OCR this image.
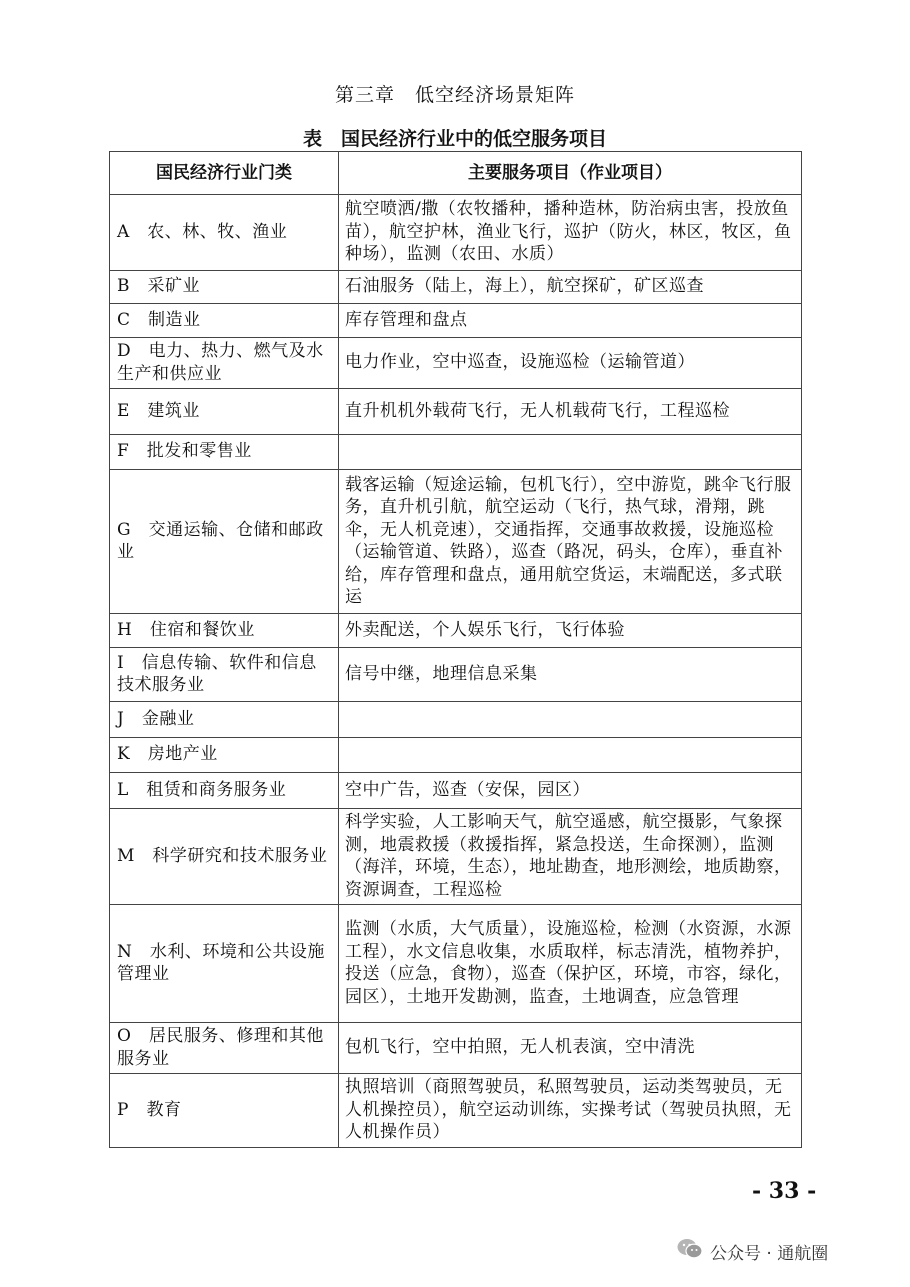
第三章　低空经济场景矩阵
表　国民经济行业中的低空服务项目
国民经济行业门类	主要服务项目（作业项目）
A　农、林、牧、渔业	航空喷洒/撒（农牧播种，播种造林，防治病虫害，投放鱼苗），航空护林，渔业飞行，巡护（防火，林区，牧区，鱼种场），监测（农田、水质）
B　采矿业	石油服务（陆上，海上），航空探矿，矿区巡查
C　制造业	库存管理和盘点
D　电力、热力、燃气及水生产和供应业	电力作业，空中巡查，设施巡检（运输管道）
E　建筑业	直升机机外载荷飞行，无人机载荷飞行，工程巡检
F　批发和零售业	
G　交通运输、仓储和邮政业	载客运输（短途运输，包机飞行），空中游览，跳伞飞行服务，直升机引航，航空运动（飞行，热气球，滑翔，跳伞，无人机竞速），交通指挥，交通事故救援，设施巡检（运输管道、铁路），巡查（路况，码头，仓库），垂直补给，库存管理和盘点，通用航空货运，末端配送，多式联运
H　住宿和餐饮业	外卖配送，个人娱乐飞行，飞行体验
I　信息传输、软件和信息技术服务业	信号中继，地理信息采集
J　金融业	
K　房地产业	
L　租赁和商务服务业	空中广告，巡查（安保，园区）
M　科学研究和技术服务业	科学实验，人工影响天气，航空遥感，航空摄影，气象探测，地震救援（救援指挥，紧急投送，生命探测），监测（海洋，环境，生态），地址勘查，地形测绘，地质勘察，资源调查，工程巡检
N　水利、环境和公共设施管理业	监测（水质，大气质量），设施巡检，检测（水资源，水源工程），水文信息收集，水质取样，标志清洗，植物养护，投送（应急，食物），巡查（保护区，环境，市容，绿化，园区），土地开发勘测，监查，土地调查，应急管理
O　居民服务、修理和其他服务业	包机飞行，空中拍照，无人机表演，空中清洗
P　教育	执照培训（商照驾驶员，私照驾驶员，运动类驾驶员，无人机操控员），航空运动训练，实操考试（驾驶员执照，无人机操作员）
- 33 -
公众号 · 通航圈
